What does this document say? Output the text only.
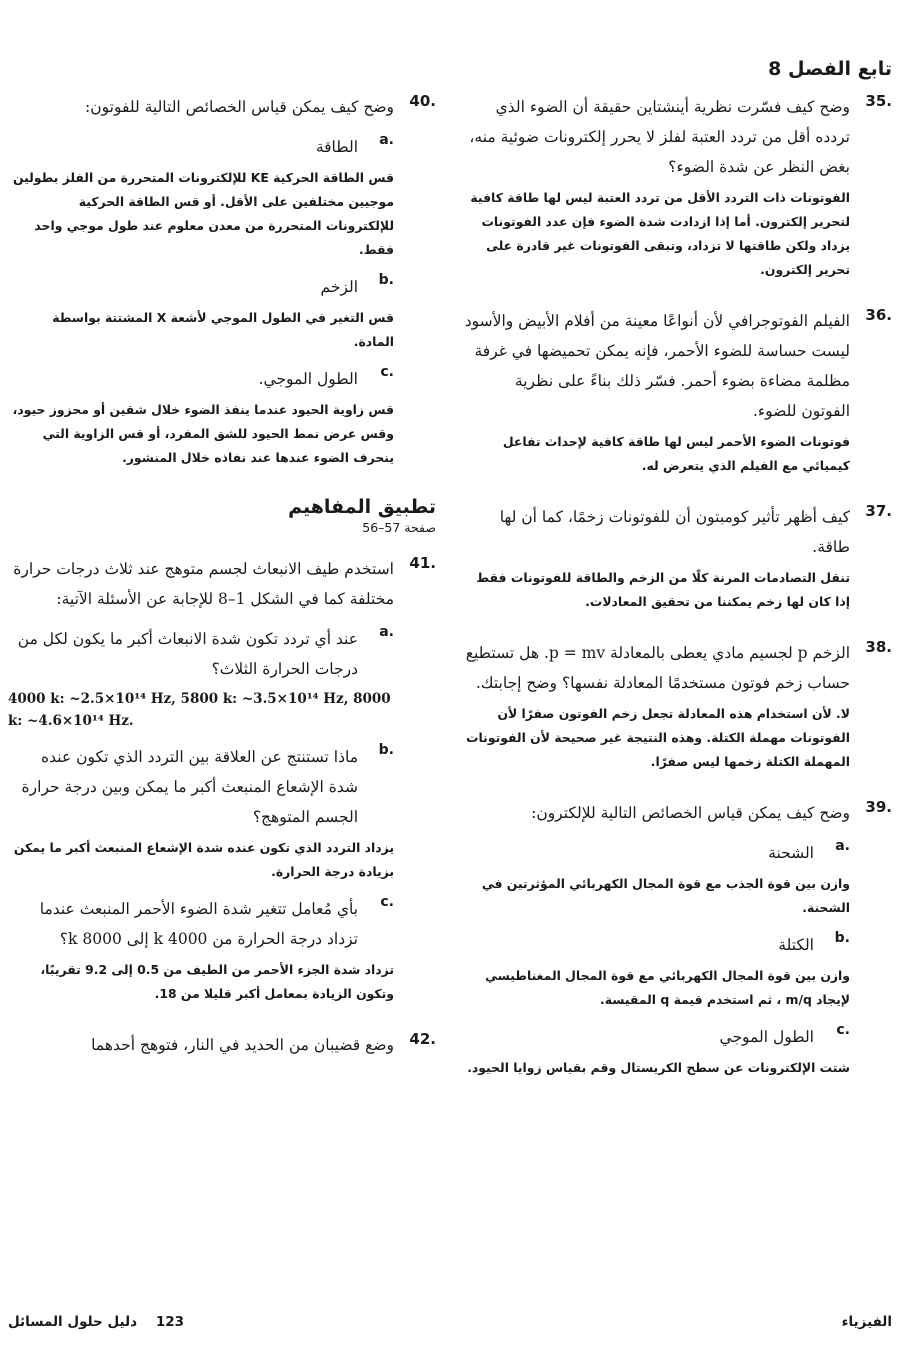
تابع الفصل 8
35.
وضح كيف فسّرت نظرية أينشتاين حقيقة أن الضوء الذي تردده أقل من تردد العتبة لفلز لا يحرر إلكترونات ضوئية منه، بغض النظر عن شدة الضوء؟
الفوتونات ذات التردد الأقل من تردد العتبة ليس لها طاقة كافية لتحرير إلكترون. أما إذا ازدادت شدة الضوء فإن عدد الفوتونات يزداد ولكن طاقتها لا تزداد، وتبقى الفوتونات غير قادرة على تحرير إلكترون.
36.
الفيلم الفوتوجرافي لأن أنواعًا معينة من أفلام الأبيض والأسود ليست حساسة للضوء الأحمر، فإنه يمكن تحميضها في غرفة مظلمة مضاءة بضوء أحمر. فسّر ذلك بناءً على نظرية الفوتون للضوء.
فوتونات الضوء الأحمر ليس لها طاقة كافية لإحداث تفاعل كيميائي مع الفيلم الذي يتعرض له.
37.
كيف أظهر تأثير كومبتون أن للفوتونات زخمًا، كما أن لها طاقة.
تنقل التصادمات المرنة كلًا من الزخم والطاقة للفوتونات فقط إذا كان لها زخم يمكننا من تحقيق المعادلات.
38.
الزخم p لجسيم مادي يعطى بالمعادلة p = mv. هل تستطيع حساب زخم فوتون مستخدمًا المعادلة نفسها؟ وضح إجابتك.
لا. لأن استخدام هذه المعادلة تجعل زخم الفوتون صفرًا لأن الفوتونات مهملة الكتلة. وهذه النتيجة غير صحيحة لأن الفوتونات المهملة الكتلة زخمها ليس صفرًا.
39.
وضح كيف يمكن قياس الخصائص التالية للإلكترون:
a.
الشحنة
وازن بين قوة الجذب مع قوة المجال الكهربائي المؤثرتين في الشحنة.
b.
الكتلة
وازن بين قوة المجال الكهربائي مع قوة المجال المغناطيسي لإيجاد m/q ، ثم استخدم قيمة q المقيسة.
c.
الطول الموجي
شتت الإلكترونات عن سطح الكريستال وقم بقياس زوايا الحيود.
40.
وضح كيف يمكن قياس الخصائص التالية للفوتون:
a.
الطاقة
قس الطاقة الحركية KE للإلكترونات المتحررة من الفلز بطولين موجيين مختلفين على الأقل. أو قس الطاقة الحركية للإلكترونات المتحررة من معدن معلوم عند طول موجي واحد فقط.
b.
الزخم
قس التغير في الطول الموجي لأشعة X المشتتة بواسطة المادة.
c.
الطول الموجي.
قس زاوية الحيود عندما ينفذ الضوء خلال شقين أو محزوز حيود، وقس عرض نمط الحيود للشق المفرد، أو قس الزاوية التي ينحرف الضوء عندها عند نفاذه خلال المنشور.
تطبيق المفاهيم
صفحة 57–56
41.
استخدم طيف الانبعاث لجسم متوهج عند ثلاث درجات حرارة مختلفة كما في الشكل 1–8 للإجابة عن الأسئلة الآتية:
a.
عند أي تردد تكون شدة الانبعاث أكبر ما يكون لكل من درجات الحرارة الثلاث؟
4000 k: ~2.5×10¹⁴ Hz, 5800 k: ~3.5×10¹⁴ Hz, 8000 k: ~4.6×10¹⁴ Hz.
b.
ماذا تستنتج عن العلاقة بين التردد الذي تكون عنده شدة الإشعاع المنبعث أكبر ما يمكن وبين درجة حرارة الجسم المتوهج؟
يزداد التردد الذي تكون عنده شدة الإشعاع المنبعث أكبر ما يمكن بزيادة درجة الحرارة.
c.
بأي مُعامل تتغير شدة الضوء الأحمر المنبعث عندما تزداد درجة الحرارة من 4000 k إلى 8000 k؟
تزداد شدة الجزء الأحمر من الطيف من 0.5 إلى 9.2 تقريبًا، وتكون الزيادة بمعامل أكبر قليلا من 18.
42.
وضع قضيبان من الحديد في النار، فتوهج أحدهما
123    دليل حلول المسائل	الفيزياء
